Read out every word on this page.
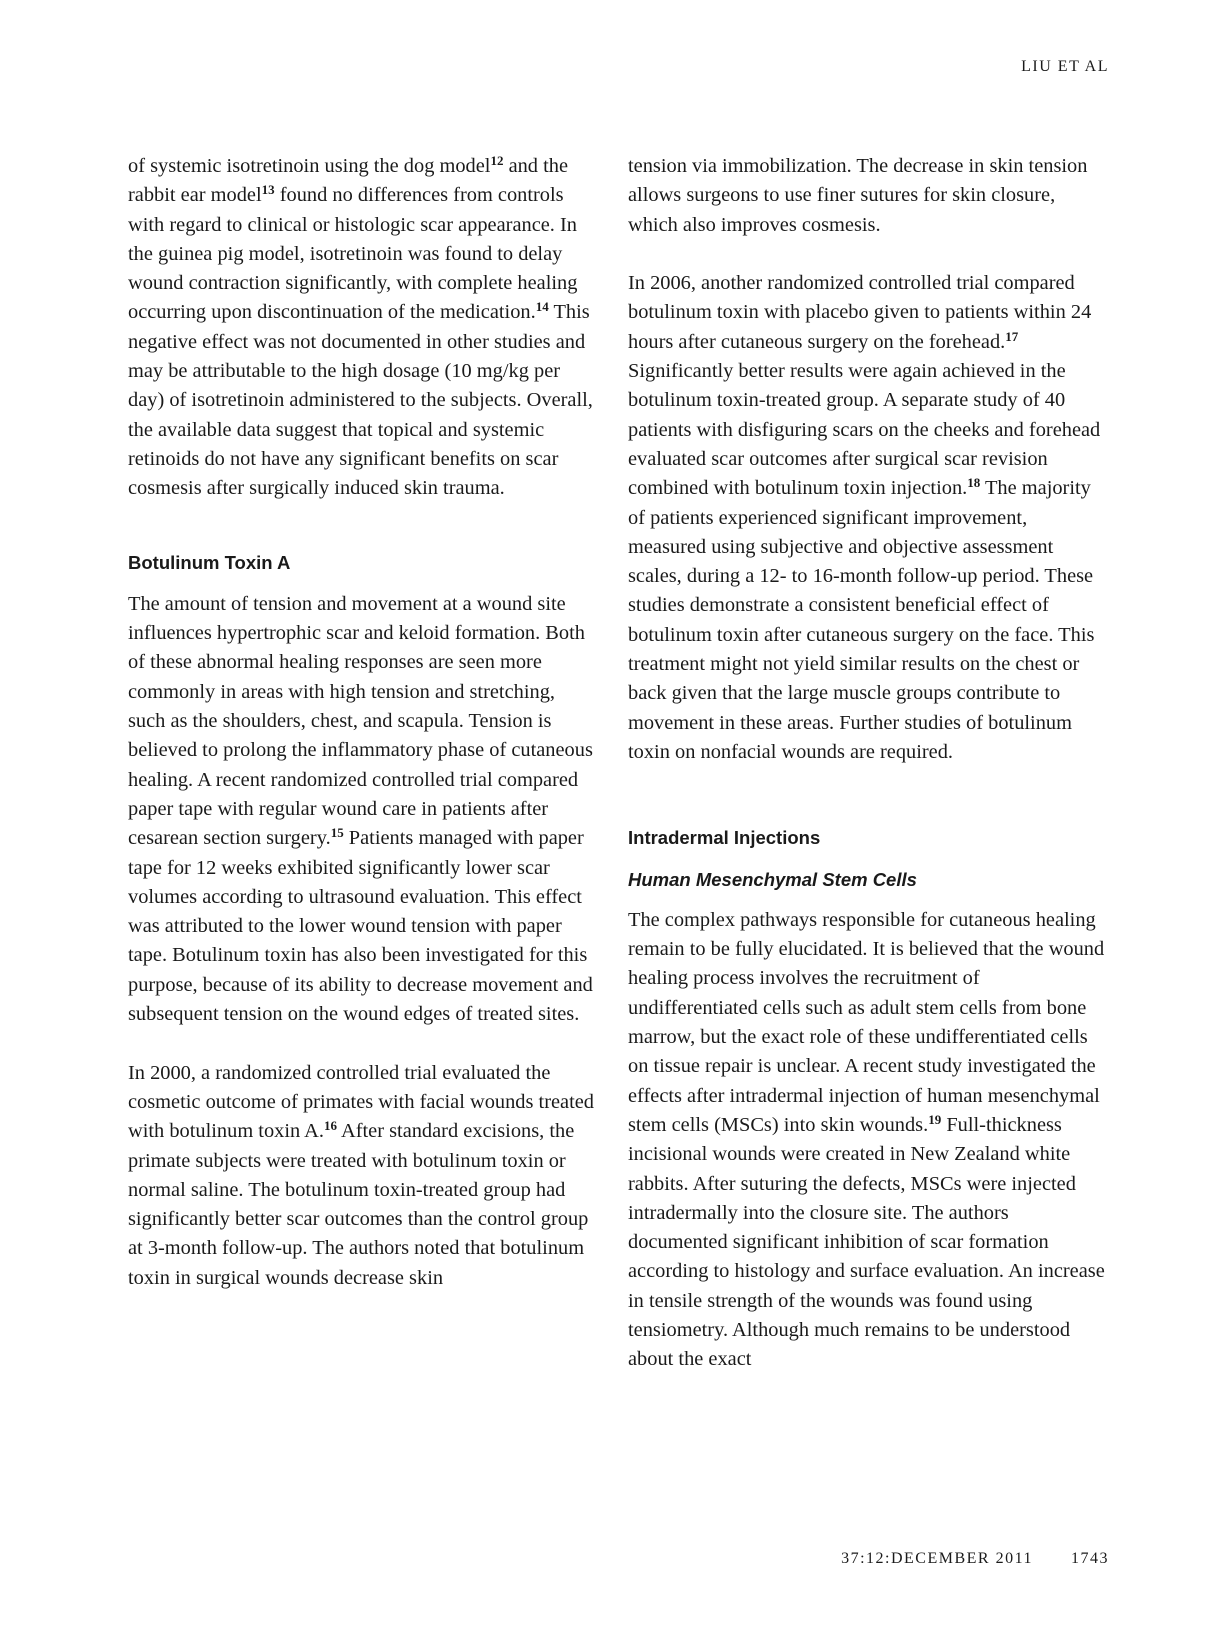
LIU ET AL

of systemic isotretinoin using the dog model$^{12}$ and the rabbit ear model$^{13}$ found no differences from controls with regard to clinical or histologic scar appearance. In the guinea pig model, isotretinoin was found to delay wound contraction significantly, with complete healing occurring upon discontinuation of the medication.$^{14}$ This negative effect was not documented in other studies and may be attributable to the high dosage (10 mg/kg per day) of isotretinoin administered to the subjects. Overall, the available data suggest that topical and systemic retinoids do not have any significant benefits on scar cosmesis after surgically induced skin trauma.

Botulinum Toxin A

The amount of tension and movement at a wound site influences hypertrophic scar and keloid formation. Both of these abnormal healing responses are seen more commonly in areas with high tension and stretching, such as the shoulders, chest, and scapula. Tension is believed to prolong the inflammatory phase of cutaneous healing. A recent randomized controlled trial compared paper tape with regular wound care in patients after cesarean section surgery.$^{15}$ Patients managed with paper tape for 12 weeks exhibited significantly lower scar volumes according to ultrasound evaluation. This effect was attributed to the lower wound tension with paper tape. Botulinum toxin has also been investigated for this purpose, because of its ability to decrease movement and subsequent tension on the wound edges of treated sites.

In 2000, a randomized controlled trial evaluated the cosmetic outcome of primates with facial wounds treated with botulinum toxin A.$^{16}$ After standard excisions, the primate subjects were treated with botulinum toxin or normal saline. The botulinum toxin-treated group had significantly better scar outcomes than the control group at 3-month follow-up. The authors noted that botulinum toxin in surgical wounds decrease skin

tension via immobilization. The decrease in skin tension allows surgeons to use finer sutures for skin closure, which also improves cosmesis.

In 2006, another randomized controlled trial compared botulinum toxin with placebo given to patients within 24 hours after cutaneous surgery on the forehead.$^{17}$ Significantly better results were again achieved in the botulinum toxin-treated group. A separate study of 40 patients with disfiguring scars on the cheeks and forehead evaluated scar outcomes after surgical scar revision combined with botulinum toxin injection.$^{18}$ The majority of patients experienced significant improvement, measured using subjective and objective assessment scales, during a 12- to 16-month follow-up period. These studies demonstrate a consistent beneficial effect of botulinum toxin after cutaneous surgery on the face. This treatment might not yield similar results on the chest or back given that the large muscle groups contribute to movement in these areas. Further studies of botulinum toxin on nonfacial wounds are required.

Intradermal Injections
Human Mesenchymal Stem Cells

The complex pathways responsible for cutaneous healing remain to be fully elucidated. It is believed that the wound healing process involves the recruitment of undifferentiated cells such as adult stem cells from bone marrow, but the exact role of these undifferentiated cells on tissue repair is unclear. A recent study investigated the effects after intradermal injection of human mesenchymal stem cells (MSCs) into skin wounds.$^{19}$ Full-thickness incisional wounds were created in New Zealand white rabbits. After suturing the defects, MSCs were injected intradermally into the closure site. The authors documented significant inhibition of scar formation according to histology and surface evaluation. An increase in tensile strength of the wounds was found using tensiometry. Although much remains to be understood about the exact

37:12:DECEMBER 2011 1743
